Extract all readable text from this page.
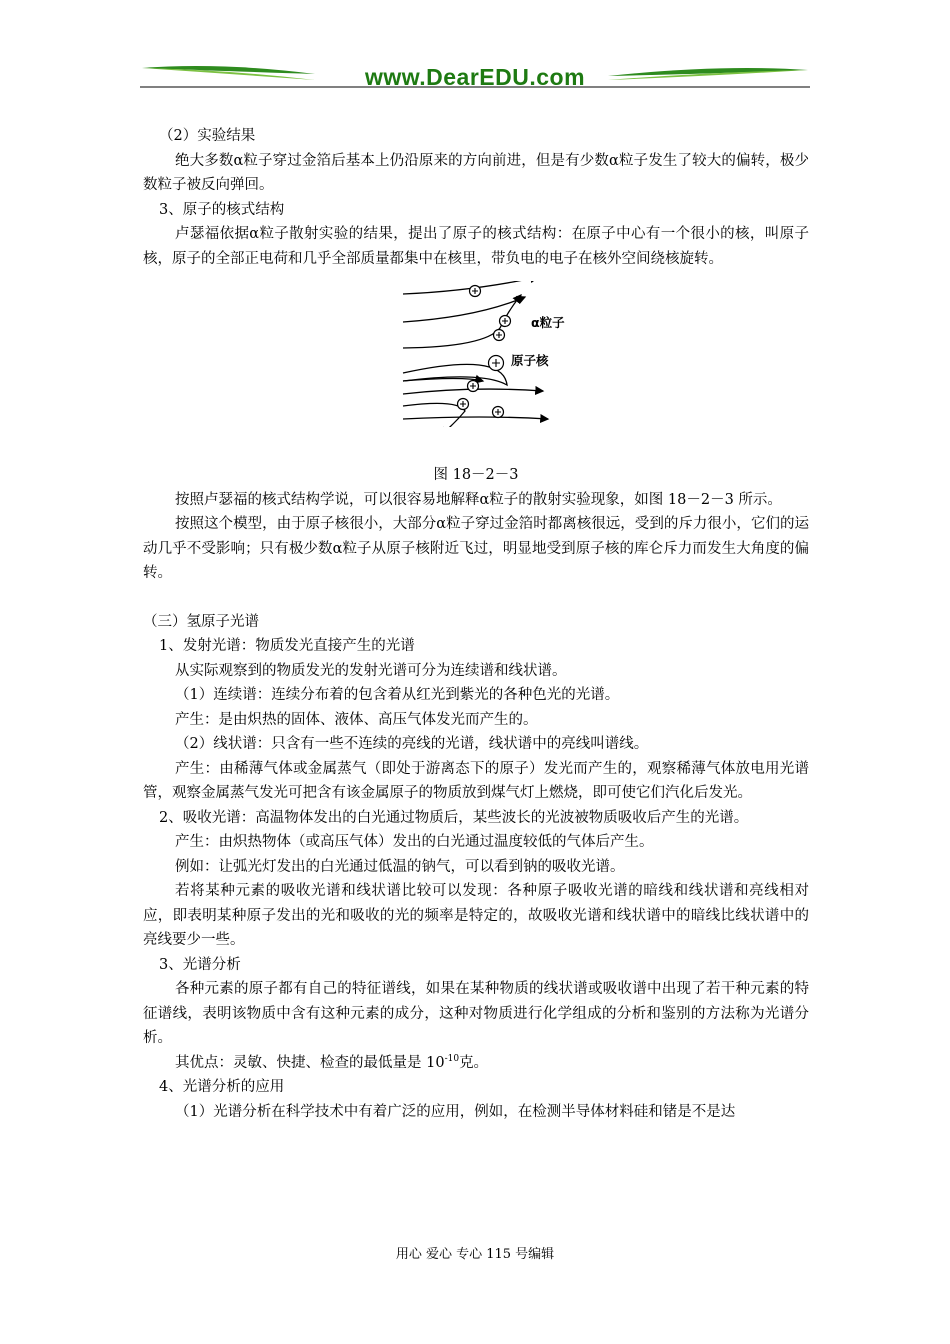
www.DearEDU.com

（2）实验结果

绝大多数α粒子穿过金箔后基本上仍沿原来的方向前进，但是有少数α粒子发生了较大的偏转，极少数粒子被反向弹回。

3、原子的核式结构

卢瑟福依据α粒子散射实验的结果，提出了原子的核式结构：在原子中心有一个很小的核，叫原子核，原子的全部正电荷和几乎全部质量都集中在核里，带负电的电子在核外空间绕核旋转。

α粒子
原子核

图 18－2－3

按照卢瑟福的核式结构学说，可以很容易地解释α粒子的散射实验现象，如图 18－2－3 所示。

按照这个模型，由于原子核很小，大部分α粒子穿过金箔时都离核很远，受到的斥力很小，它们的运动几乎不受影响；只有极少数α粒子从原子核附近飞过，明显地受到原子核的库仑斥力而发生大角度的偏转。

（三）氢原子光谱

1、发射光谱：物质发光直接产生的光谱

从实际观察到的物质发光的发射光谱可分为连续谱和线状谱。

（1）连续谱：连续分布着的包含着从红光到紫光的各种色光的光谱。

产生：是由炽热的固体、液体、高压气体发光而产生的。

（2）线状谱：只含有一些不连续的亮线的光谱，线状谱中的亮线叫谱线。

产生：由稀薄气体或金属蒸气（即处于游离态下的原子）发光而产生的，观察稀薄气体放电用光谱管，观察金属蒸气发光可把含有该金属原子的物质放到煤气灯上燃烧，即可使它们汽化后发光。

2、吸收光谱：高温物体发出的白光通过物质后，某些波长的光波被物质吸收后产生的光谱。

产生：由炽热物体（或高压气体）发出的白光通过温度较低的气体后产生。

例如：让弧光灯发出的白光通过低温的钠气，可以看到钠的吸收光谱。

若将某种元素的吸收光谱和线状谱比较可以发现：各种原子吸收光谱的暗线和线状谱和亮线相对应，即表明某种原子发出的光和吸收的光的频率是特定的，故吸收光谱和线状谱中的暗线比线状谱中的亮线要少一些。

3、光谱分析

各种元素的原子都有自己的特征谱线，如果在某种物质的线状谱或吸收谱中出现了若干种元素的特征谱线，表明该物质中含有这种元素的成分，这种对物质进行化学组成的分析和鉴别的方法称为光谱分析。

其优点：灵敏、快捷、检查的最低量是 $10^{-10}$克。

4、光谱分析的应用

（1）光谱分析在科学技术中有着广泛的应用，例如，在检测半导体材料硅和锗是不是达

用心 爱心 专心 115 号编辑
